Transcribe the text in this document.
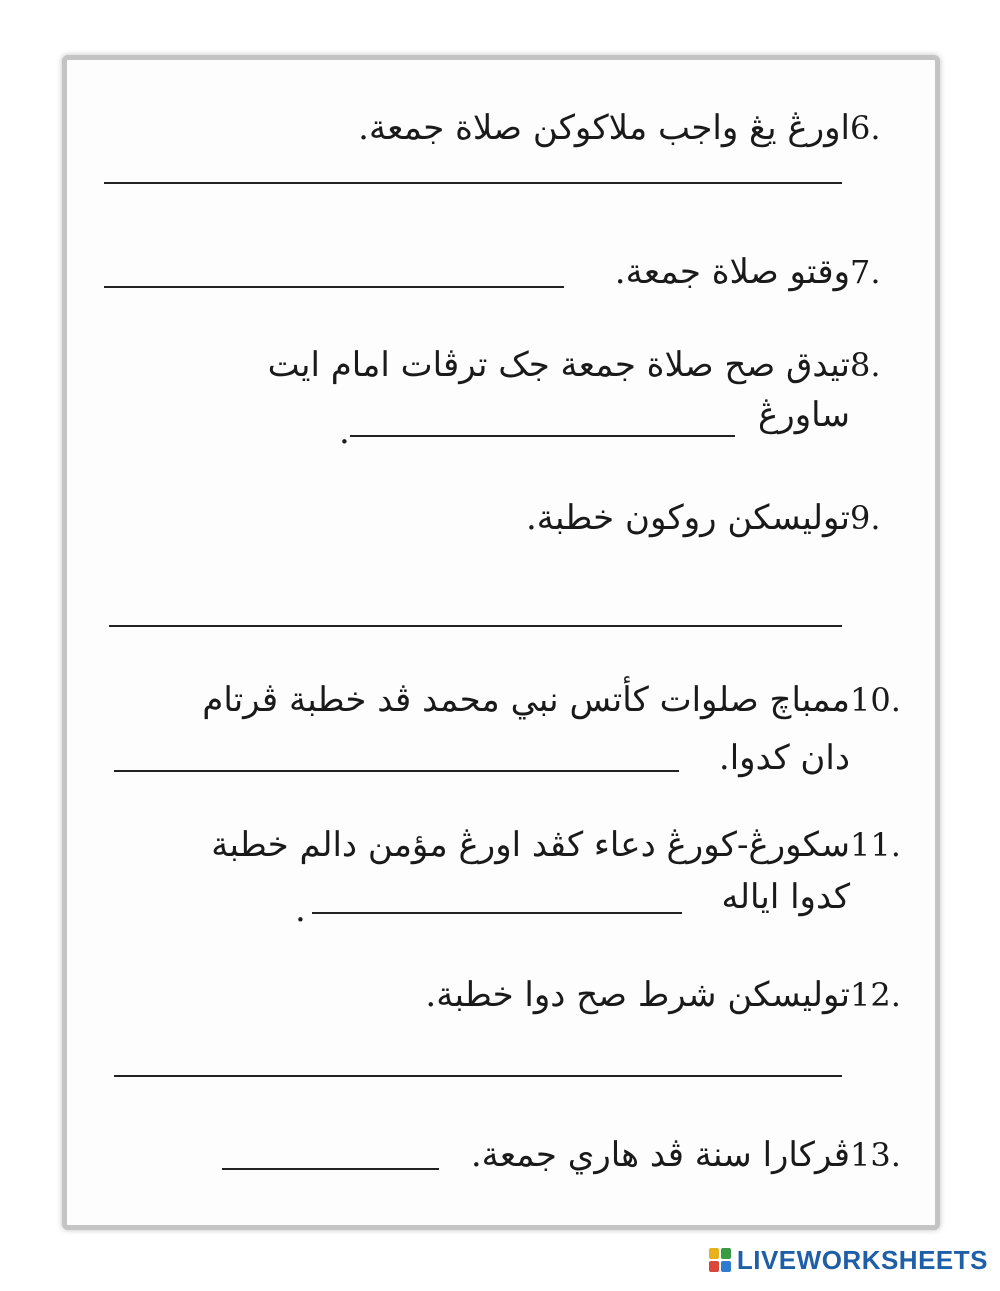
6.
اورڠ يڠ واجب ملاكوكن صلاة جمعة.
7.
وقتو صلاة جمعة.
8.
تيدق صح صلاة جمعة جک ترڤات امام ايت
ساورڠ
.
9.
توليسکن روکون خطبة.
10.
ممباچ صلوات كأتس نبي محمد ڤد خطبة ڤرتام
دان كدوا.
11.
سكورڠ-كورڠ دعاء كڤد اورڠ مؤمن دالم خطبة
كدوا اياله
.
12.
توليسكن شرط صح دوا خطبة.
13.
ڤركارا سنة ڤد هاري جمعة.
LIVEWORKSHEETS
